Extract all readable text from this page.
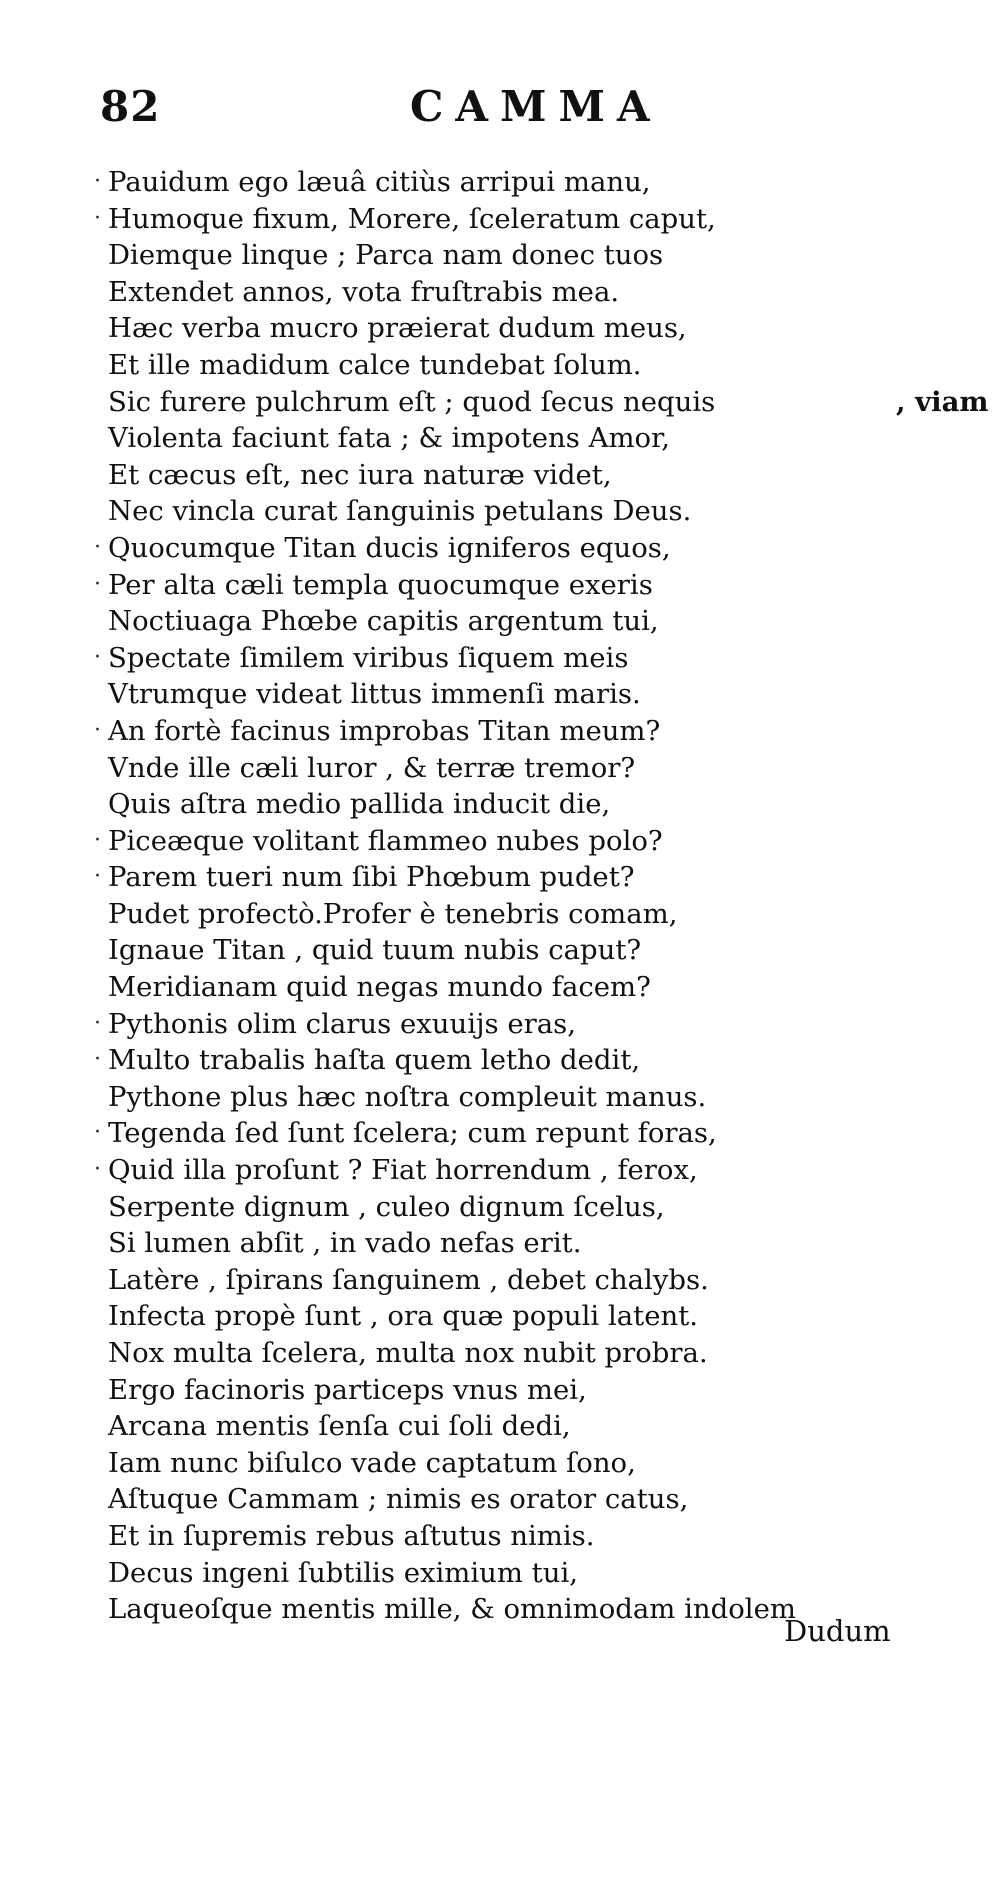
82	CAMMA
· Pauidum ego læuâ citiùs arripui manu,
· Humoque fixum, Morere, ſceleratum caput,
Diemque linque ; Parca nam donec tuos
Extendet annos, vota fruſtrabis mea.
Hæc verba mucro præierat dudum meus,
Et ille madidum calce tundebat ſolum.
Sic furere pulchrum eſt ; quod ſecus nequis	, viam
Violenta faciunt fata ; & impotens Amor,
Et cæcus eſt, nec iura naturæ videt,
Nec vincla curat ſanguinis petulans Deus.
· Quocumque Titan ducis igniferos equos,
· Per alta cæli templa quocumque exeris
Noctiuaga Phœbe capitis argentum tui,
· Spectate ſimilem viribus ſiquem meis
Vtrumque videat littus immenſi maris.
· An fortè facinus improbas Titan meum?
Vnde ille cæli luror , & terræ tremor?
Quis aſtra medio pallida inducit die,
· Piceæque volitant flammeo nubes polo?
· Parem tueri num ſibi Phœbum pudet?
Pudet profectò.Profer è tenebris comam,
Ignaue Titan , quid tuum nubis caput?
Meridianam quid negas mundo facem?
· Pythonis olim clarus exuuijs eras,
· Multo trabalis haſta quem letho dedit,
Pythone plus hæc noſtra compleuit manus.
· Tegenda ſed ſunt ſcelera; cum repunt foras,
· Quid illa proſunt ? Fiat horrendum , ferox,
Serpente dignum , culeo dignum ſcelus,
Si lumen abſit , in vado nefas erit.
Latère , ſpirans ſanguinem , debet chalybs.
Infecta propè ſunt , ora quæ populi latent.
Nox multa ſcelera, multa nox nubit probra.
Ergo facinoris particeps vnus mei,
Arcana mentis ſenſa cui ſoli dedi,
Iam nunc biſulco vade captatum ſono,
Aſtuque Cammam ; nimis es orator catus,
Et in ſupremis rebus aſtutus nimis.
Decus ingeni ſubtilis eximium tui,
Laqueoſque mentis mille, & omnimodam indolem
Dudum
